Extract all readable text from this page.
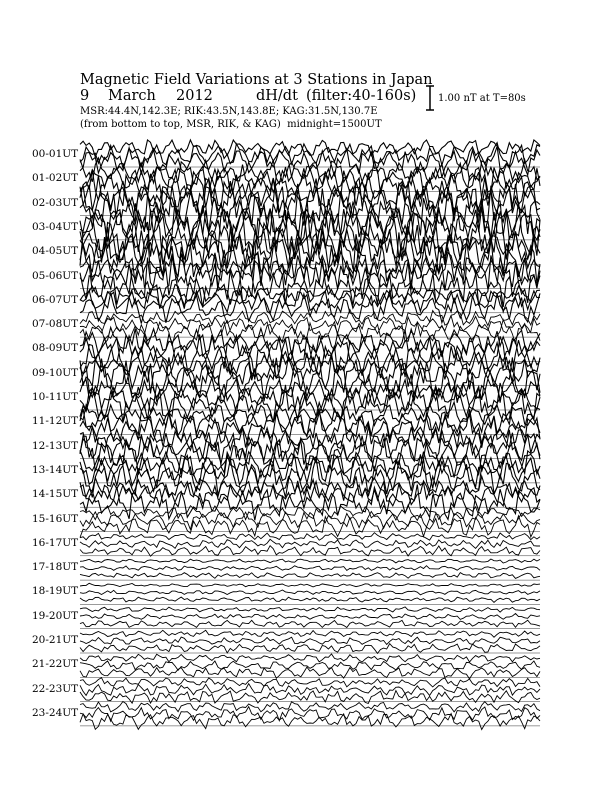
Magnetic Field Variations at 3 Stations in Japan
9 March 2012	dH/dt (filter:40-160s)
MSR:44.4N,142.3E; RIK:43.5N,143.8E; KAG:31.5N,130.7E
(from bottom to top, MSR, RIK, & KAG) midnight=1500UT
1.00 nT at T=80s
00-01UT
01-02UT
02-03UT
03-04UT
04-05UT
05-06UT
06-07UT
07-08UT
08-09UT
09-10UT
10-11UT
11-12UT
12-13UT
13-14UT
14-15UT
15-16UT
16-17UT
17-18UT
18-19UT
19-20UT
20-21UT
21-22UT
22-23UT
23-24UT
